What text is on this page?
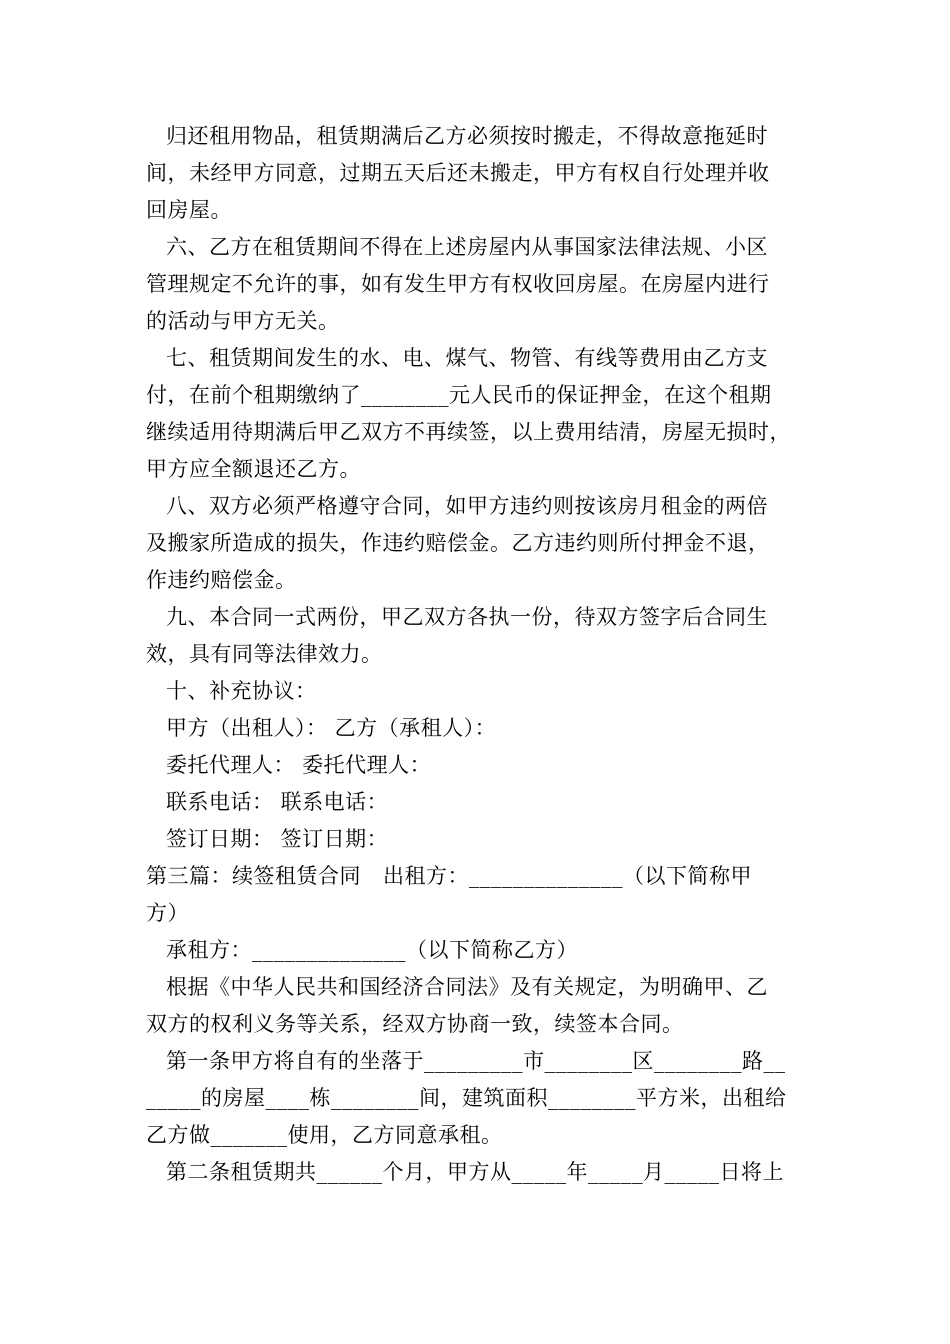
归还租用物品，租赁期满后乙方必须按时搬走，不得故意拖延时
间，未经甲方同意，过期五天后还未搬走，甲方有权自行处理并收
回房屋。
六、乙方在租赁期间不得在上述房屋内从事国家法律法规、小区
管理规定不允许的事，如有发生甲方有权收回房屋。在房屋内进行
的活动与甲方无关。
七、租赁期间发生的水、电、煤气、物管、有线等费用由乙方支
付，在前个租期缴纳了________元人民币的保证押金，在这个租期
继续适用待期满后甲乙双方不再续签，以上费用结清，房屋无损时，
甲方应全额退还乙方。
八、双方必须严格遵守合同，如甲方违约则按该房月租金的两倍
及搬家所造成的损失，作违约赔偿金。乙方违约则所付押金不退，
作违约赔偿金。
九、本合同一式两份，甲乙双方各执一份，待双方签字后合同生
效，具有同等法律效力。
十、补充协议：
甲方（出租人）： 乙方（承租人）：
委托代理人： 委托代理人：
联系电话： 联系电话：
签订日期： 签订日期：
第三篇：续签租赁合同 出租方：______________（以下简称甲
方）
承租方：______________（以下简称乙方）
根据《中华人民共和国经济合同法》及有关规定，为明确甲、乙
双方的权利义务等关系，经双方协商一致，续签本合同。
第一条甲方将自有的坐落于_________市________区________路__
_____的房屋____栋________间，建筑面积________平方米，出租给
乙方做_______使用，乙方同意承租。
第二条租赁期共______个月，甲方从_____年_____月_____日将上
